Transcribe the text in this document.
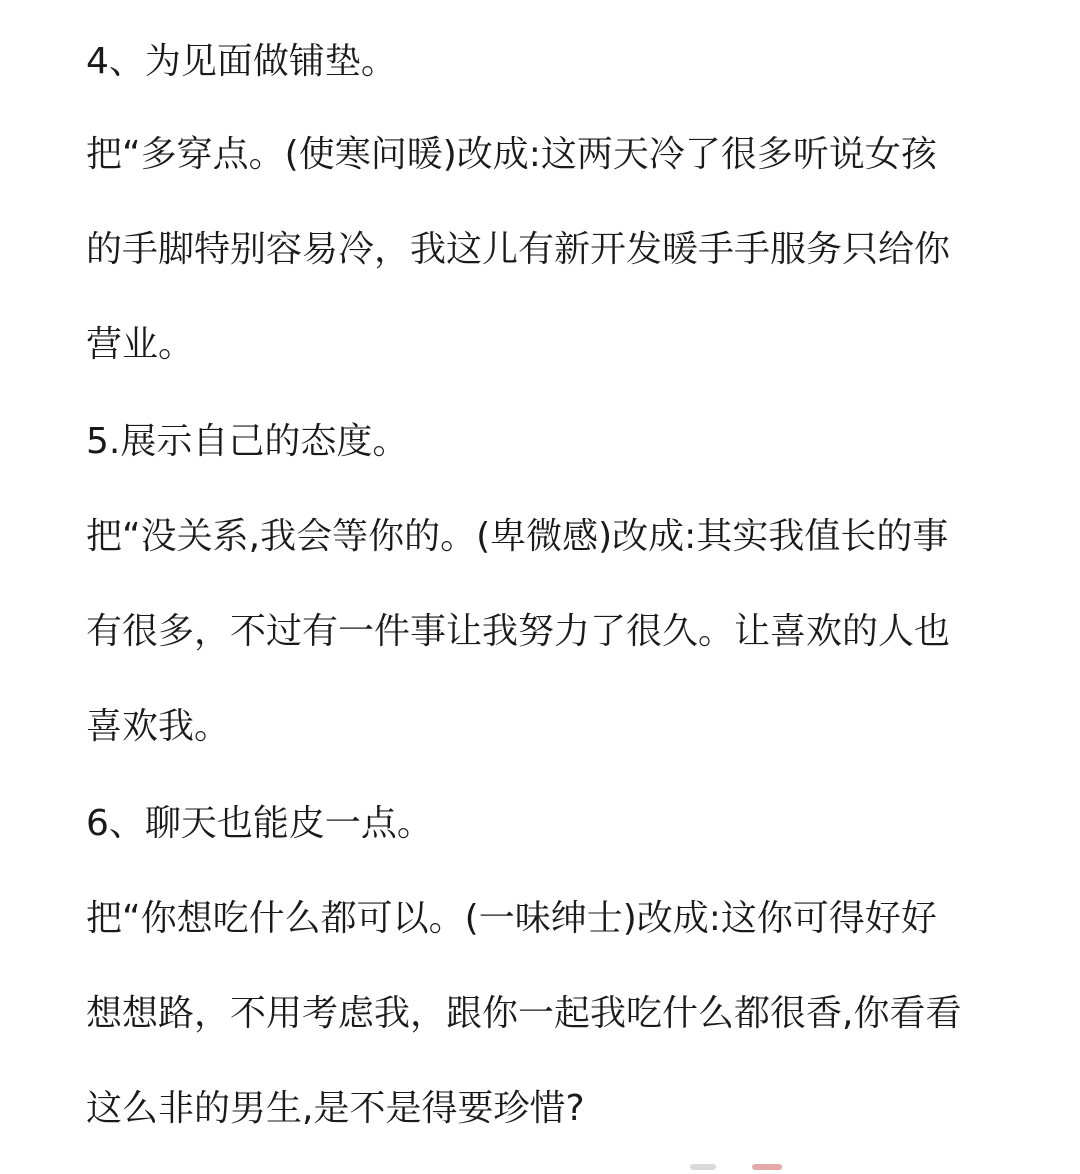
4、为见面做铺垫。
把“多穿点。(使寒问暖)改成:这两天冷了很多听说女孩
的手脚特别容易冷，我这儿有新开发暖手手服务只给你
营业。
5.展示自己的态度。
把“没关系,我会等你的。(卑微感)改成:其实我值长的事
有很多，不过有一件事让我努力了很久。让喜欢的人也
喜欢我。
6、聊天也能皮一点。
把“你想吃什么都可以。(一味绅士)改成:这你可得好好
想想路，不用考虑我，跟你一起我吃什么都很香,你看看
这么非的男生,是不是得要珍惜?
